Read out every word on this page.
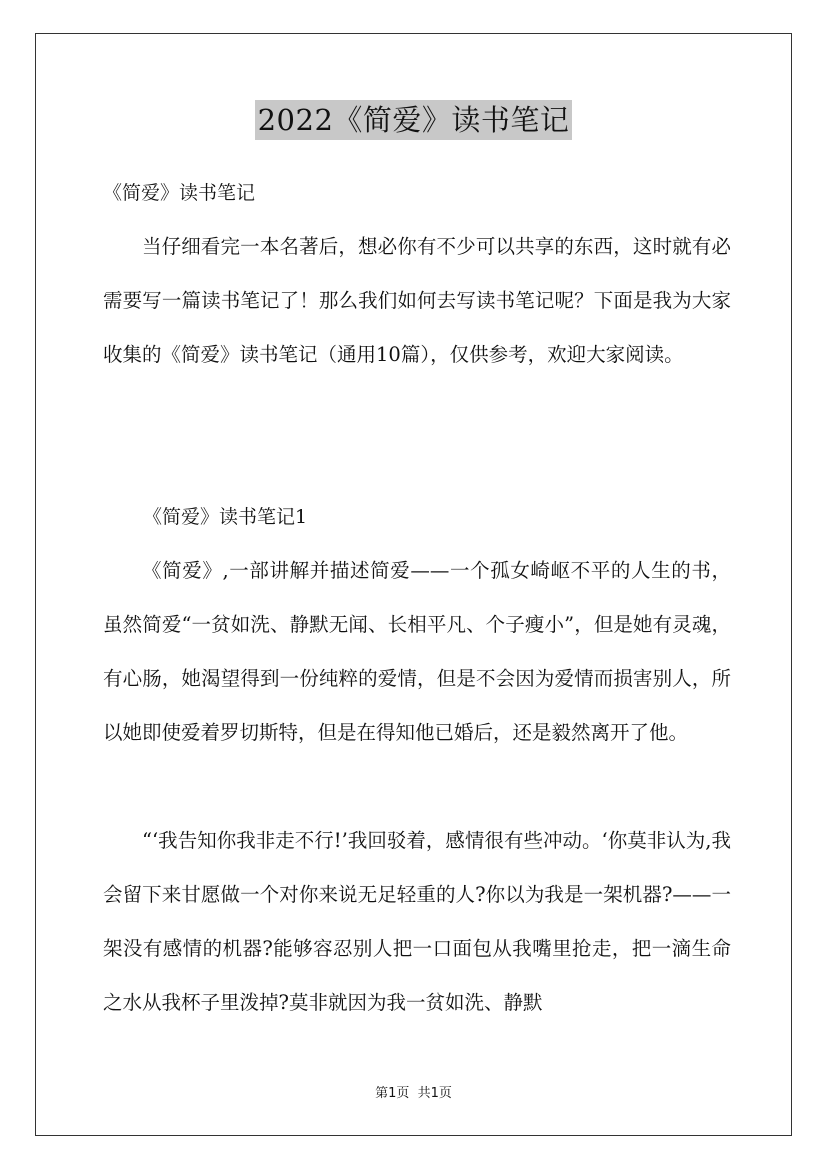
2022《简爱》读书笔记
《简爱》读书笔记

当仔细看完一本名著后，想必你有不少可以共享的东西，这时就有必需要写一篇读书笔记了！那么我们如何去写读书笔记呢？下面是我为大家收集的《简爱》读书笔记（通用10篇），仅供参考，欢迎大家阅读。

《简爱》读书笔记1

《简爱》,一部讲解并描述简爱——一个孤女崎岖不平的人生的书，虽然简爱“一贫如洗、静默无闻、长相平凡、个子瘦小”，但是她有灵魂，有心肠，她渴望得到一份纯粹的爱情，但是不会因为爱情而损害别人，所以她即使爱着罗切斯特，但是在得知他已婚后，还是毅然离开了他。

“‘我告知你我非走不行!’我回驳着，感情很有些冲动。‘你莫非认为,我会留下来甘愿做一个对你来说无足轻重的人?你以为我是一架机器?——一架没有感情的机器?能够容忍别人把一口面包从我嘴里抢走，把一滴生命之水从我杯子里泼掉?莫非就因为我一贫如洗、静默

第1页 共1页
